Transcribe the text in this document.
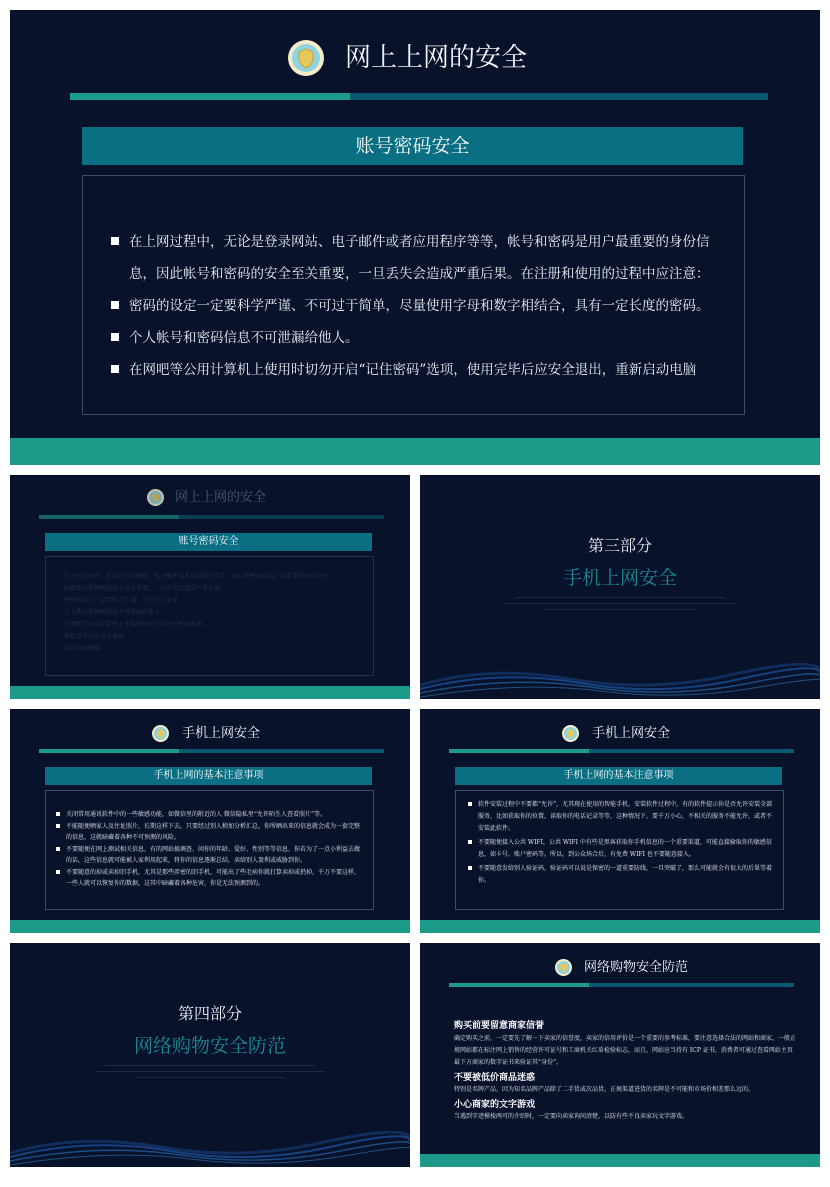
网上上网的安全
账号密码安全
在上网过程中，无论是登录网站、电子邮件或者应用程序等等，帐号和密码是用户最重要的身份信息，因此帐号和密码的安全至关重要，一旦丢失会造成严重后果。在注册和使用的过程中应注意：
密码的设定一定要科学严谨、不可过于简单，尽量使用字母和数字相结合，具有一定长度的密码。
个人帐号和密码信息不可泄漏给他人。
在网吧等公用计算机上使用时切勿开启“记住密码”选项，使用完毕后应安全退出，重新启动电脑
网上上网的安全
账号密码安全
在上网过程中，无论是登录网站、电子邮件或者应用程序等等，帐号和密码是用户最重要的身份信息，
因此帐号和密码的安全至关重要，一旦丢失会造成严重后果。
密码的设定一定要科学严谨、不可过于简单。
个人帐号和密码信息不可泄漏给他人。
在网吧等公用计算机上使用时切勿开启记住密码选项。
使用完毕后应安全退出。
重新启动电脑。
第三部分
手机上网安全
手机上网安全
手机上网的基本注意事项
关闭常用通讯软件中的一些敏感功能，如微信里的附近的人 微信隐私里“允许陌生人查看照片”等。
不能随便晒家人及住址照片，长期这样下去，只要经过别人稍加分析汇总，你所晒出来的信息就会成为一套完整的信息，这就暗藏着各种不可预测的风险。
不要随便在网上测试相关信息，有的网站搞调查、问你的年龄、爱好、性别等等信息，你若为了一点小利益去做的话，这些信息就可能被人家利用起来，将你的信息逐渐总结，卖给别人盈利或威胁到你。
不要随意的掉或卖掉旧手机，尤其是那些涉密的旧手机，可能出了些毛病你就打算卖掉或扔掉，千万不要这样，一些人就可以恢复你的数据，这其中暗藏着各种危害，你是无法预测到的。
手机上网安全
手机上网的基本注意事项
软件安装过程中不要都“允许”，尤其现在使用的智能手机，安装软件过程中，有的软件提示你是否允许安装全部服务，比如获取你的位置，读取你的电话记录等等，这种情况下，要千万小心，不相关的服务不能允许，或者不安装此软件。
不要随便接入公共 WIFI，公共 WIFI 中有些是黑客获取你手机信息的一个重要渠道，可能直接偷取你的敏感信息，如卡号，账户密码等。所以，到公众场合后，有免费 WIFI 也不要随意接入。
不要随意发给别人验证码，验证码可以说是保密的一道重要防线，一旦突破了，那么可能就会有很大的后果等着你。
第四部分
网络购物安全防范
网络购物安全防范
购买前要留意商家信誉
确定购买之前，一定要先了解一下卖家的信誉度，卖家的信用评价是一个重要的参考标准，要注意选择合法的网站和商家，一般正规网站都在标注网上销售的经营许可证号和工商机关红盾检验标志，而且，网站应当持有 ICP 证书，消费者可通过查看网站主页最下方商家的数字证书来验证其“身份”。
不要被低价商品迷惑
特别是名牌产品，因为知名品牌产品除了二手货或次品货，正规渠道进货的名牌是不可能和市场价相差那么远的。
小心商家的文字游戏
当遇到字迹模棱两可的介绍时，一定要向卖家询问清楚，以防有些不良卖家玩文字游戏。
